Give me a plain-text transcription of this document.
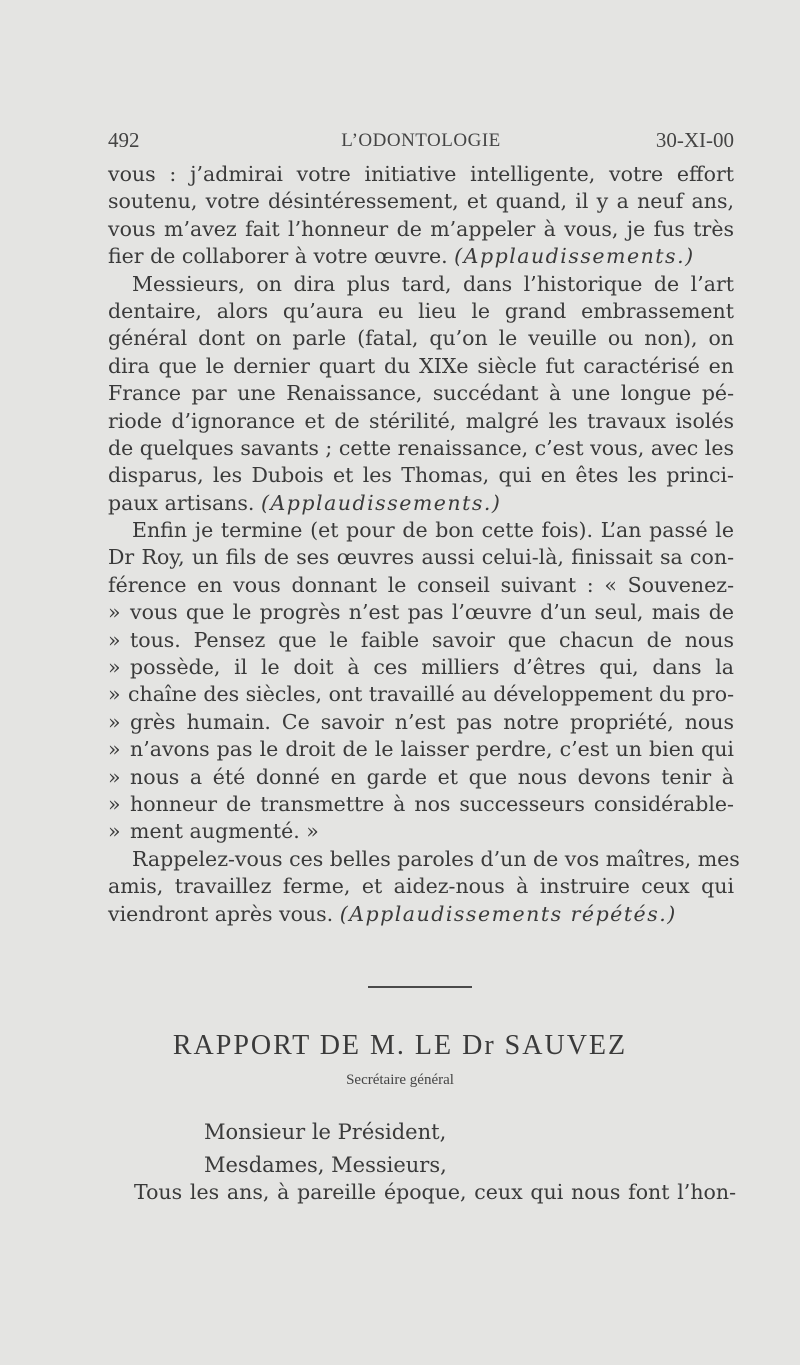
492	L’ODONTOLOGIE	30-XI-00
vous : j’admirai votre initiative intelligente, votre effort
soutenu, votre désintéressement, et quand, il y a neuf ans,
vous m’avez fait l’honneur de m’appeler à vous, je fus très
fier de collaborer à votre œuvre. (Applaudissements.)
Messieurs, on dira plus tard, dans l’historique de l’art
dentaire, alors qu’aura eu lieu le grand embrassement
général dont on parle (fatal, qu’on le veuille ou non), on
dira que le dernier quart du XIXe siècle fut caractérisé en
France par une Renaissance, succédant à une longue pé-
riode d’ignorance et de stérilité, malgré les travaux isolés
de quelques savants ; cette renaissance, c’est vous, avec les
disparus, les Dubois et les Thomas, qui en êtes les princi-
paux artisans. (Applaudissements.)
Enfin je termine (et pour de bon cette fois). L’an passé le
Dr Roy, un fils de ses œuvres aussi celui-là, finissait sa con-
férence en vous donnant le conseil suivant : « Souvenez-
» vous que le progrès n’est pas l’œuvre d’un seul, mais de
» tous. Pensez que le faible savoir que chacun de nous
» possède, il le doit à ces milliers d’êtres qui, dans la
» chaîne des siècles, ont travaillé au développement du pro-
» grès humain. Ce savoir n’est pas notre propriété, nous
» n’avons pas le droit de le laisser perdre, c’est un bien qui
» nous a été donné en garde et que nous devons tenir à
» honneur de transmettre à nos successeurs considérable-
» ment augmenté. »
Rappelez-vous ces belles paroles d’un de vos maîtres, mes
amis, travaillez ferme, et aidez-nous à instruire ceux qui
viendront après vous. (Applaudissements répétés.)
RAPPORT DE M. LE Dr SAUVEZ
Secrétaire général
Monsieur le Président,
Mesdames, Messieurs,
Tous les ans, à pareille époque, ceux qui nous font l’hon-
